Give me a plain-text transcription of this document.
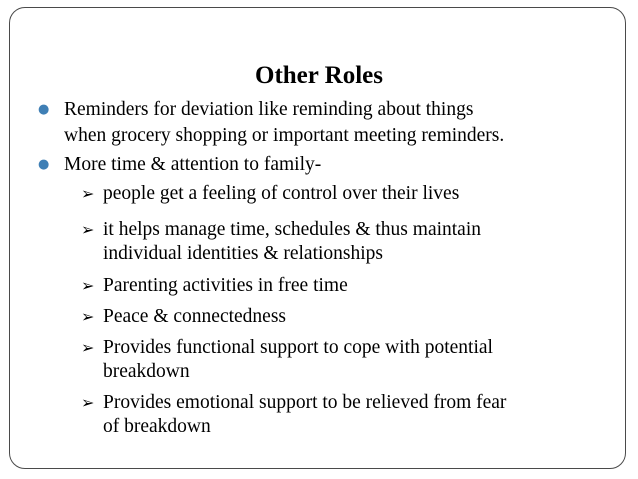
Other Roles
● Reminders for deviation like reminding about things
when grocery shopping or important meeting reminders.
● More time & attention to family-
➢ people get a feeling of control over their lives
➢ it helps manage time, schedules & thus maintain
individual identities & relationships
➢ Parenting activities in free time
➢ Peace & connectedness
➢ Provides functional support to cope with potential
breakdown
➢ Provides emotional support to be relieved from fear
of breakdown
